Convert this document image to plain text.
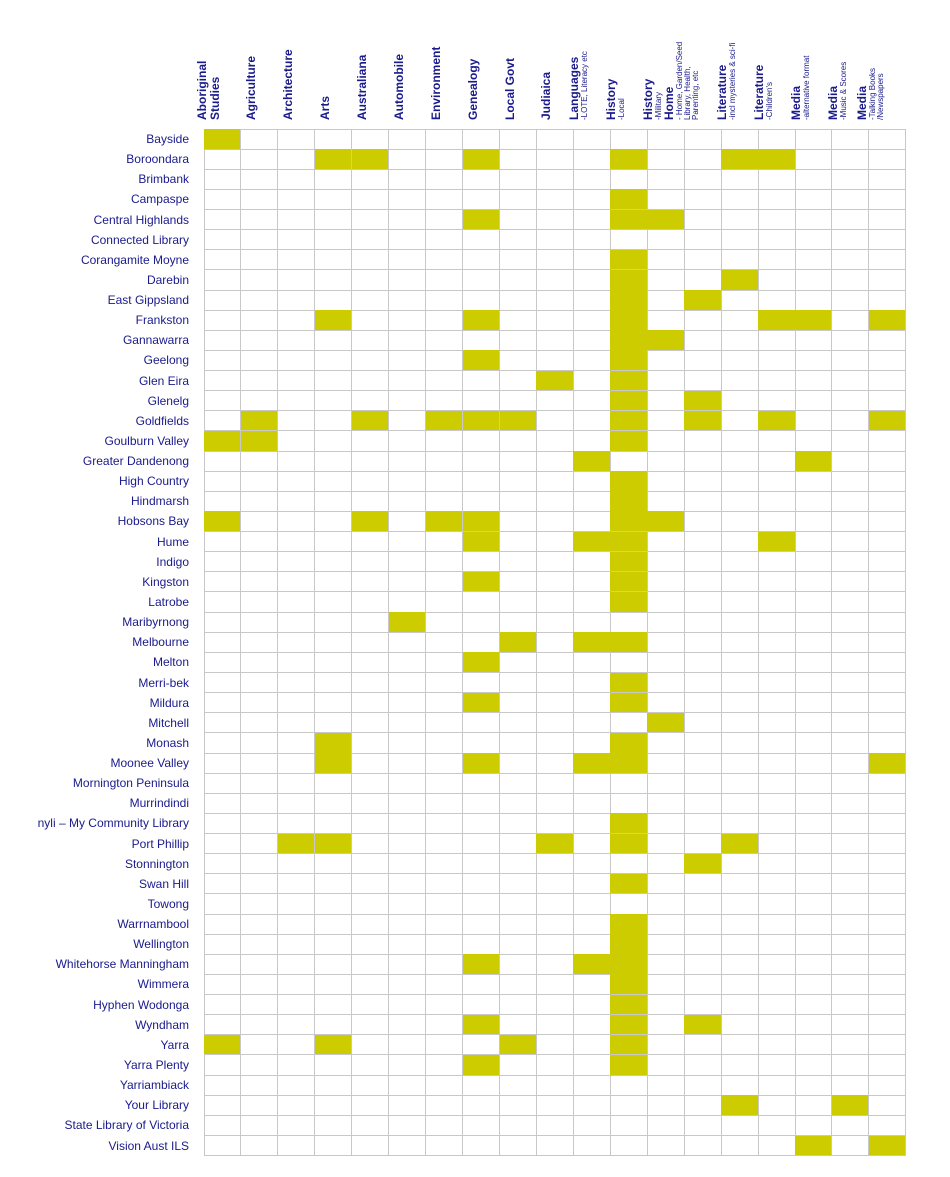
Aboriginal Studies Agriculture Architecture Arts Australiana Automobile Environment Genealogy Local Govt Judiaica Languages -LOTE, Literacy etc History -Local History -Military
Home - Home, Garden/Seed Library, Health, Parenting, etc Literature -incl mysteries & sci-fi Literature -Children's Media -alternative format Media -Music & Scores Media -Talking Books /Newspapers
Bayside
Boroondara
Brimbank
Campaspe
Central Highlands
Connected Library
Corangamite Moyne
Darebin
East Gippsland
Frankston
Gannawarra
Geelong
Glen Eira
Glenelg
Goldfields
Goulburn Valley
Greater Dandenong
High Country
Hindmarsh
Hobsons Bay
Hume
Indigo
Kingston
Latrobe
Maribyrnong
Melbourne
Melton
Merri-bek
Mildura
Mitchell
Monash
Moonee Valley
Mornington Peninsula
Murrindindi
nyli – My Community Library
Port Phillip
Stonnington
Swan Hill
Towong
Warrnambool
Wellington
Whitehorse Manningham
Wimmera
Hyphen Wodonga
Wyndham
Yarra
Yarra Plenty
Yarriambiack
Your Library
State Library of Victoria
Vision Aust ILS
